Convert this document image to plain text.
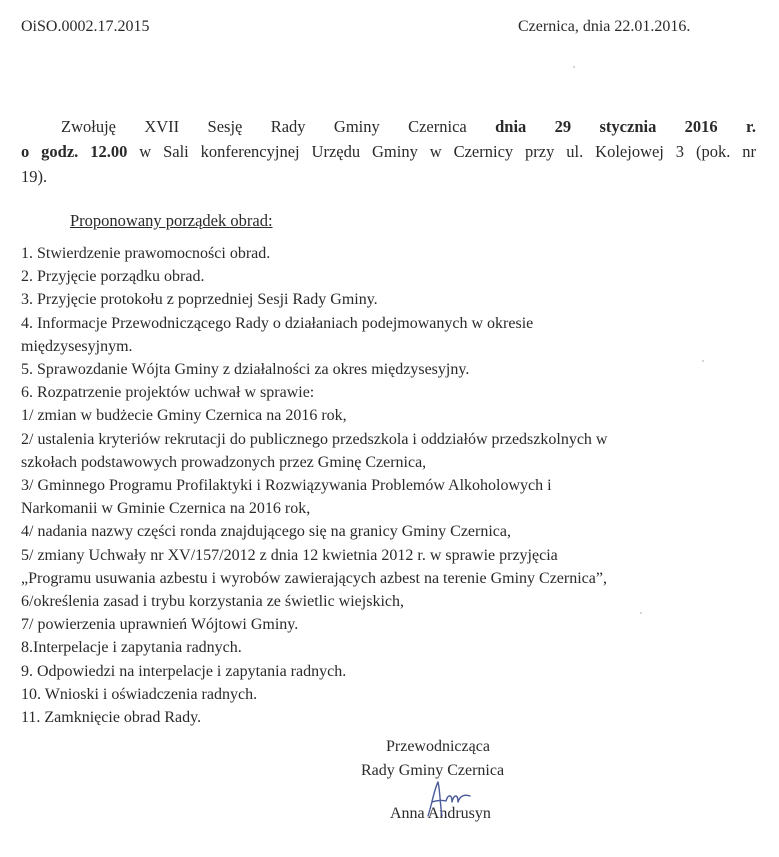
OiSO.0002.17.2015	Czernica, dnia 22.01.2016.
Zwołuję XVII Sesję Rady Gminy Czernica dnia 29 stycznia 2016 r.
o godz. 12.00 w Sali konferencyjnej Urzędu Gminy w Czernicy przy ul. Kolejowej 3 (pok. nr
19).
Proponowany porządek obrad:
1. Stwierdzenie prawomocności obrad.
2. Przyjęcie porządku obrad.
3. Przyjęcie protokołu z poprzedniej Sesji Rady Gminy.
4. Informacje Przewodniczącego Rady o działaniach podejmowanych w okresie
międzysesyjnym.
5. Sprawozdanie Wójta Gminy z działalności za okres międzysesyjny.
6. Rozpatrzenie projektów uchwał w sprawie:
1/ zmian w budżecie Gminy Czernica na 2016 rok,
2/ ustalenia kryteriów rekrutacji do publicznego przedszkola i oddziałów przedszkolnych w
szkołach podstawowych prowadzonych przez Gminę Czernica,
3/ Gminnego Programu Profilaktyki i Rozwiązywania Problemów Alkoholowych i
Narkomanii w Gminie Czernica na 2016 rok,
4/ nadania nazwy części ronda znajdującego się na granicy Gminy Czernica,
5/ zmiany Uchwały nr XV/157/2012 z dnia 12 kwietnia 2012 r. w sprawie przyjęcia
„Programu usuwania azbestu i wyrobów zawierających azbest na terenie Gminy Czernica”,
6/określenia zasad i trybu korzystania ze świetlic wiejskich,
7/ powierzenia uprawnień Wójtowi Gminy.
8.Interpelacje i zapytania radnych.
9. Odpowiedzi na interpelacje i zapytania radnych.
10. Wnioski i oświadczenia radnych.
11. Zamknięcie obrad Rady.
Przewodnicząca
Rady Gminy Czernica
Anna Andrusyn
